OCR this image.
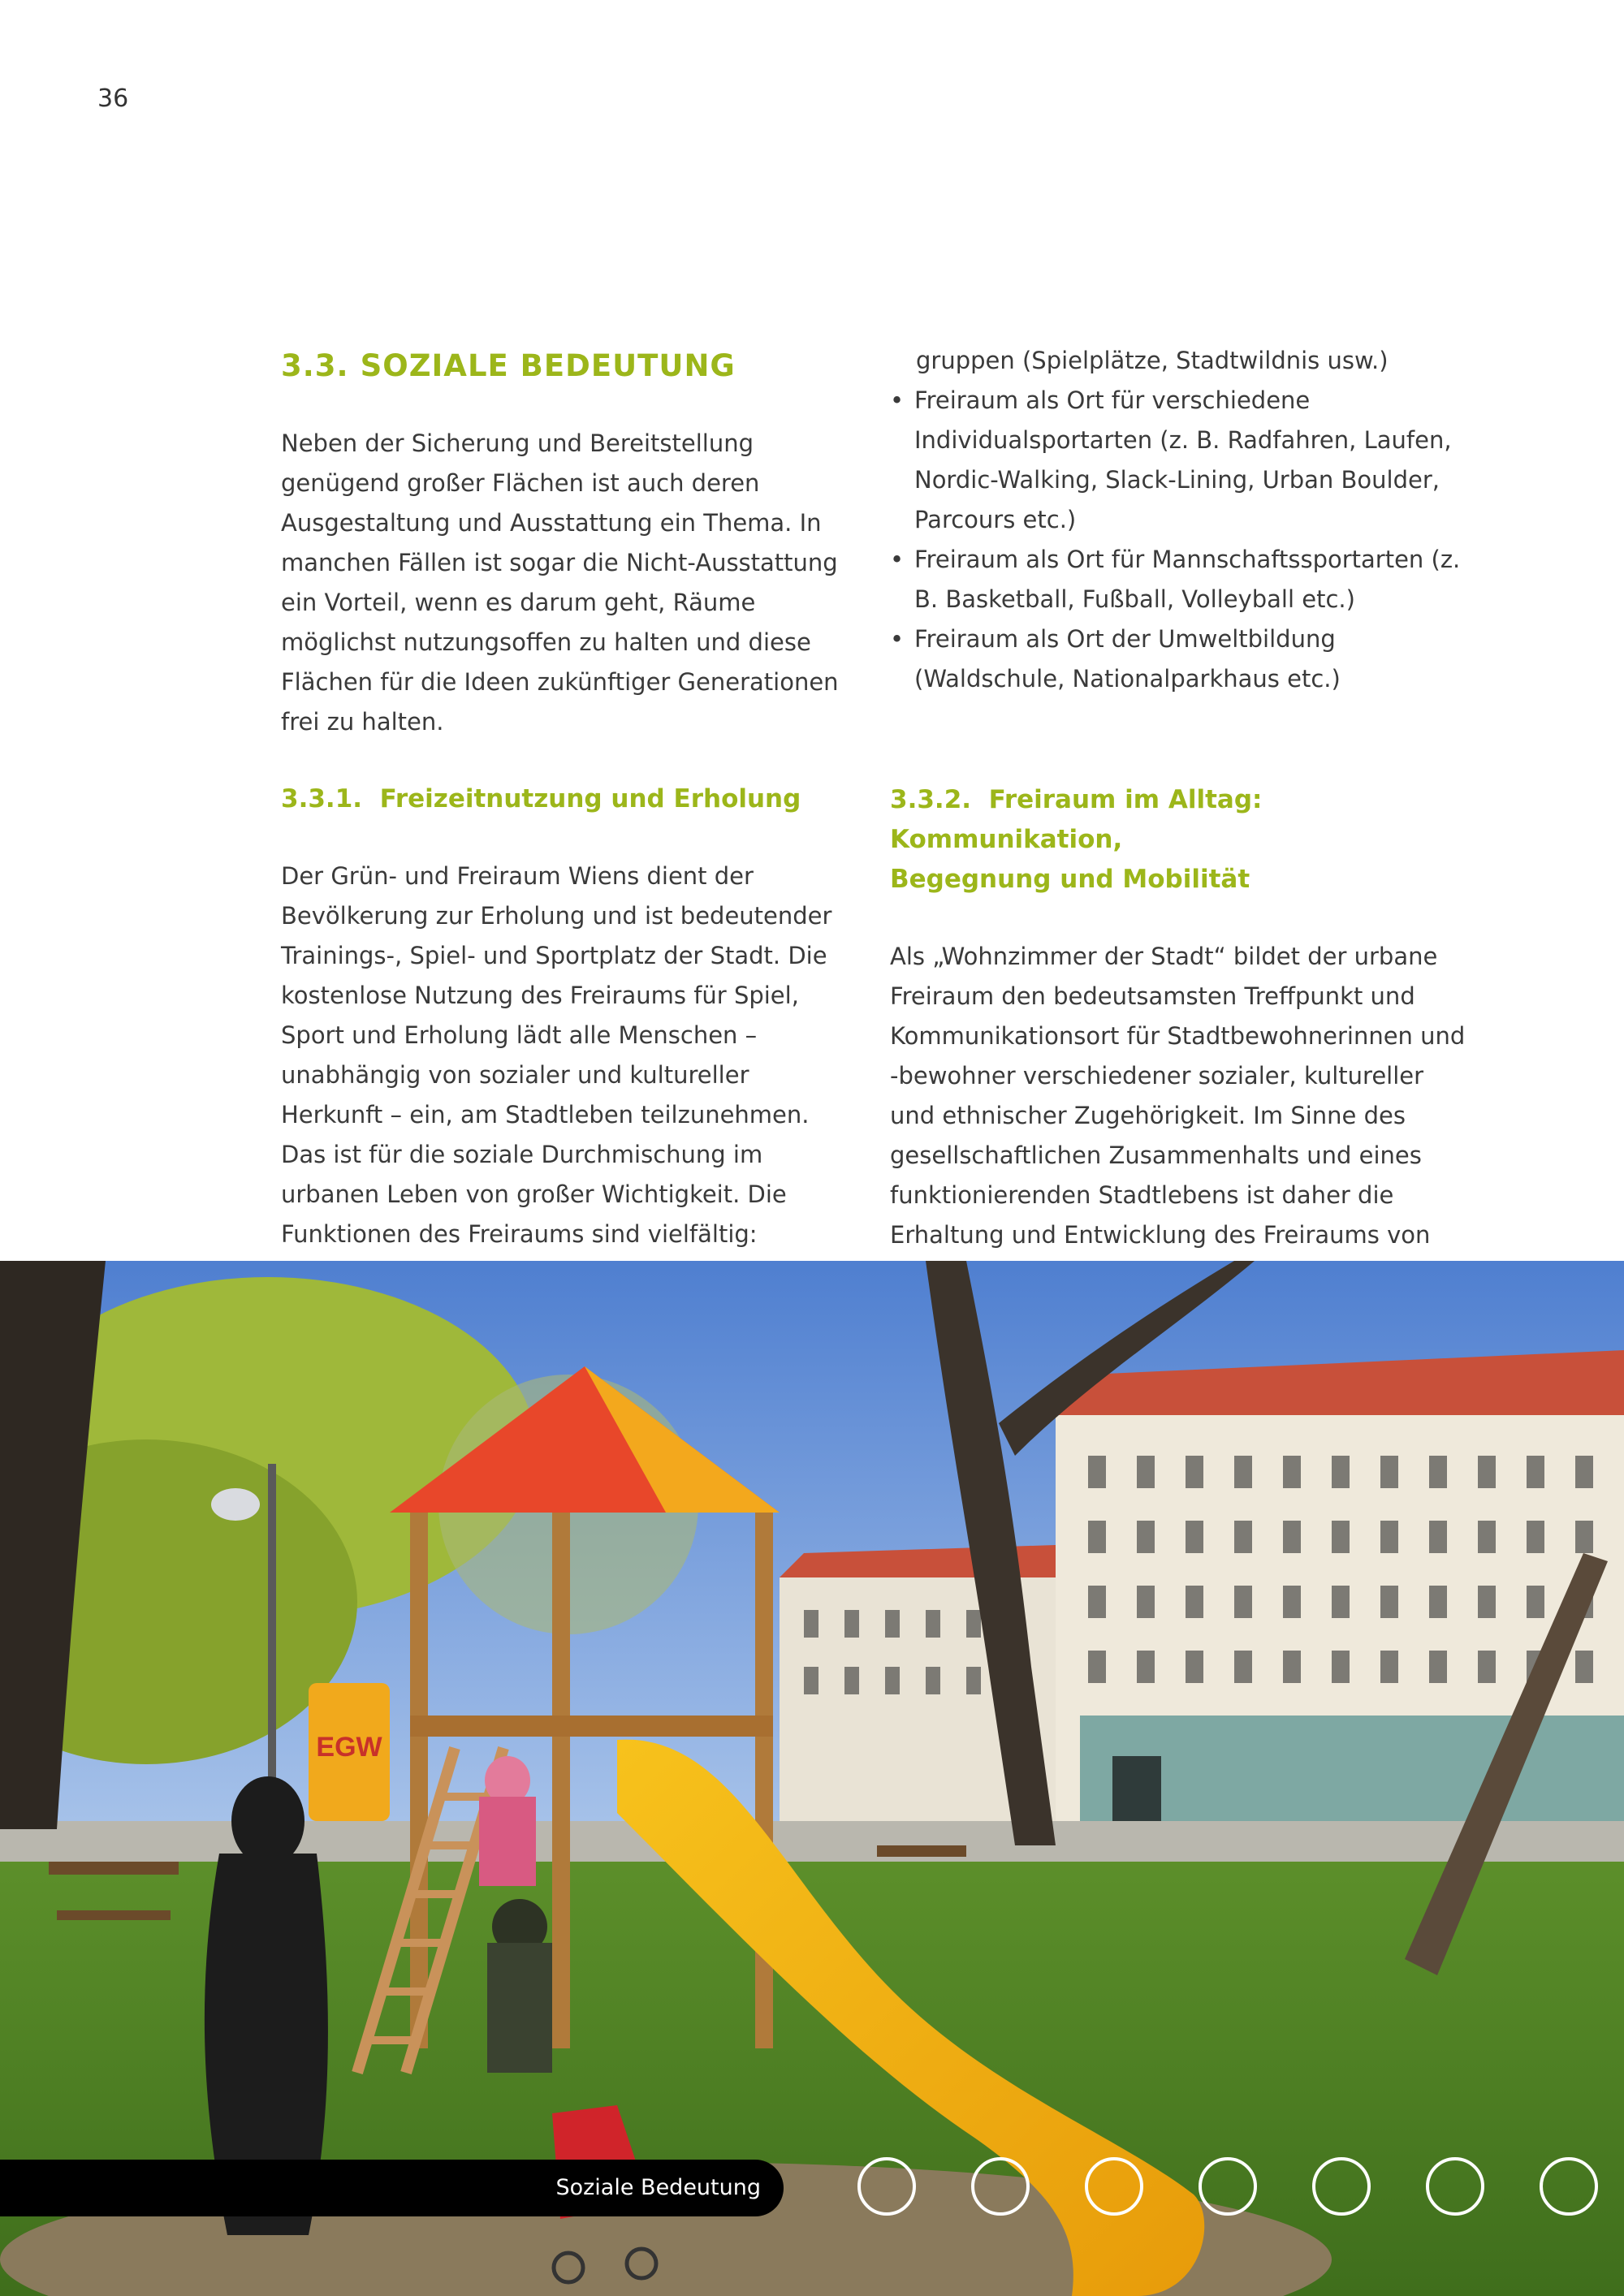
36
3.3. SOZIALE BEDEUTUNG

Neben der Sicherung und Bereitstellung genügend großer Flächen ist auch deren Ausgestaltung und Ausstattung ein Thema. In manchen Fällen ist sogar die Nicht-Ausstattung ein Vorteil, wenn es darum geht, Räume möglichst nutzungsoffen zu halten und diese Flächen für die Ideen zukünftiger Generationen frei zu halten.

3.3.1. Freizeitnutzung und Erholung

Der Grün- und Freiraum Wiens dient der Bevölkerung zur Erholung und ist bedeutender Trainings-, Spiel- und Sportplatz der Stadt. Die kostenlose Nutzung des Freiraums für Spiel, Sport und Erholung lädt alle Menschen – unabhängig von sozialer und kultureller Herkunft – ein, am Stadtleben teilzunehmen. Das ist für die soziale Durchmischung im urbanen Leben von großer Wichtigkeit. Die Funktionen des Freiraums sind vielfältig:

•
•

gruppen (Spielplätze, Stadtwildnis usw.)

• Freiraum als Ort für verschiedene Individualsportarten (z. B. Radfahren, Laufen, Nordic-Walking, Slack-Lining, Urban Boulder, Parcours etc.)
• Freiraum als Ort für Mannschaftssportarten (z. B. Basketball, Fußball, Volleyball etc.)
• Freiraum als Ort der Umweltbildung (Waldschule, Nationalparkhaus etc.)
3.3.2. Freiraum im Alltag: Kommunikation,
Begegnung und Mobilität

Als „Wohnzimmer der Stadt“ bildet der urbane Freiraum den bedeutsamsten Treffpunkt und Kommunikationsort für Stadtbewohnerinnen und -bewohner verschiedener sozialer, kultureller und ethnischer Zugehörigkeit. Im Sinne des gesellschaftlichen Zusammenhalts und eines funktionierenden Stadtlebens ist daher die Erhaltung und Entwicklung des Freiraums von

EGW
Soziale Bedeutung
